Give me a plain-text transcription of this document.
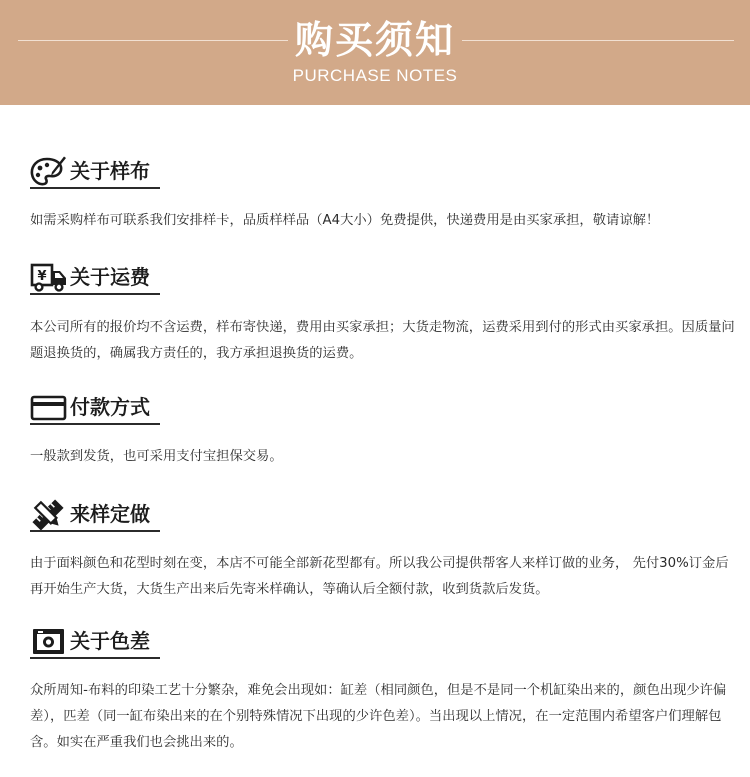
购买须知
PURCHASE NOTES
关于样布
如需采购样布可联系我们安排样卡，品质样样品（A4大小）免费提供，快递费用是由买家承担，敬请谅解！
¥ 关于运费
本公司所有的报价均不含运费，样布寄快递，费用由买家承担；大货走物流，运费采用到付的形式由买家承担。因质量问题退换货的，确属我方责任的，我方承担退换货的运费。
付款方式
一般款到发货，也可采用支付宝担保交易。
来样定做
由于面料颜色和花型时刻在变，本店不可能全部新花型都有。所以我公司提供帮客人来样订做的业务， 先付30%订金后再开始生产大货，大货生产出来后先寄米样确认，等确认后全额付款，收到货款后发货。
关于色差
众所周知-布料的印染工艺十分繁杂，难免会出现如：缸差（相同颜色，但是不是同一个机缸染出来的，颜色出现少许偏差），匹差（同一缸布染出来的在个别特殊情况下出现的少许色差）。当出现以上情况，在一定范围内希望客户们理解包含。如实在严重我们也会挑出来的。
